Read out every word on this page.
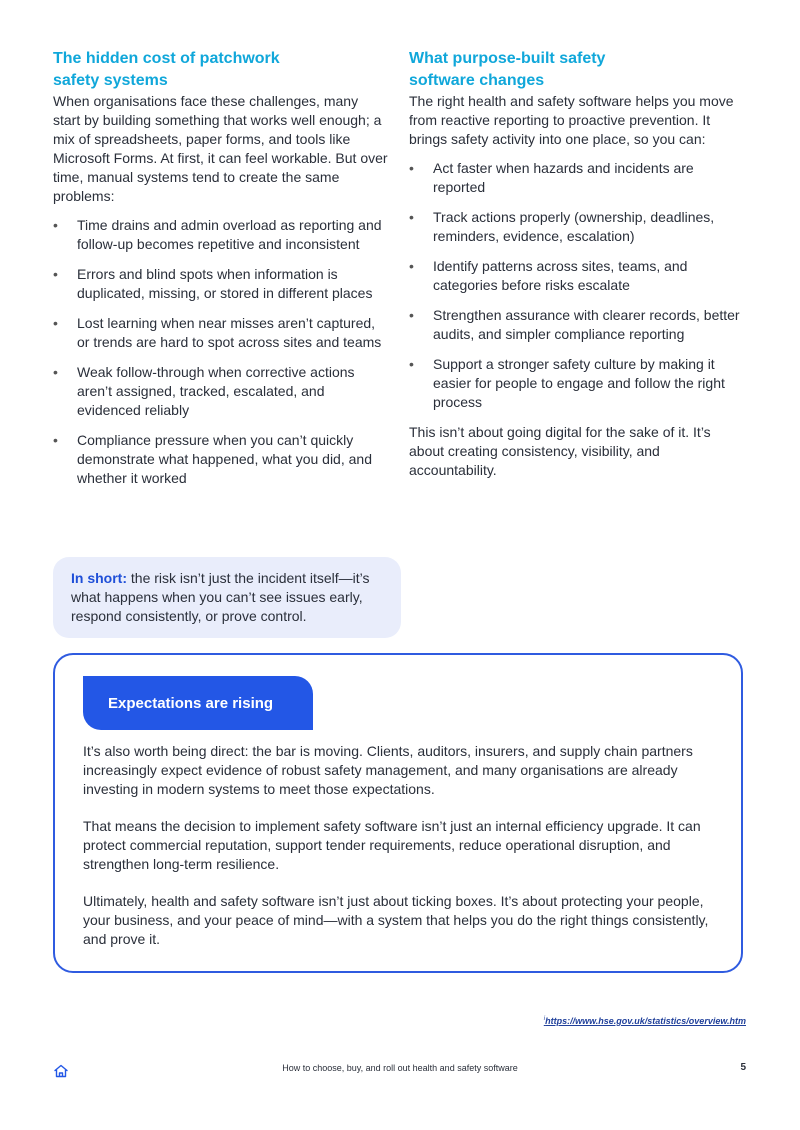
The hidden cost of patchwork
safety systems

When organisations face these challenges, many start by building something that works well enough; a mix of spreadsheets, paper forms, and tools like Microsoft Forms. At first, it can feel workable. But over time, manual systems tend to create the same problems:

•	Time drains and admin overload as reporting and follow-up becomes repetitive and inconsistent
•	Errors and blind spots when information is duplicated, missing, or stored in different places
•	Lost learning when near misses aren’t captured, or trends are hard to spot across sites and teams
•	Weak follow-through when corrective actions aren’t assigned, tracked, escalated, and evidenced reliably
•	Compliance pressure when you can’t quickly demonstrate what happened, what you did, and whether it worked
In short: the risk isn’t just the incident itself—it’s what happens when you can’t see issues early, respond consistently, or prove control.
What purpose-built safety
software changes

The right health and safety software helps you move from reactive reporting to proactive prevention. It brings safety activity into one place, so you can:

•	Act faster when hazards and incidents are reported
•	Track actions properly (ownership, deadlines, reminders, evidence, escalation)
•	Identify patterns across sites, teams, and categories before risks escalate
•	Strengthen assurance with clearer records, better audits, and simpler compliance reporting
•	Support a stronger safety culture by making it easier for people to engage and follow the right process

This isn’t about going digital for the sake of it. It’s about creating consistency, visibility, and accountability.

Expectations are rising

It’s also worth being direct: the bar is moving. Clients, auditors, insurers, and supply chain partners increasingly expect evidence of robust safety management, and many organisations are already investing in modern systems to meet those expectations.

That means the decision to implement safety software isn’t just an internal efficiency upgrade. It can protect commercial reputation, support tender requirements, reduce operational disruption, and strengthen long-term resilience.

Ultimately, health and safety software isn’t just about ticking boxes. It’s about protecting your people, your business, and your peace of mind—with a system that helps you do the right things consistently, and prove it.

$^i$https://www.hse.gov.uk/statistics/overview.htm
How to choose, buy, and roll out health and safety software	5
